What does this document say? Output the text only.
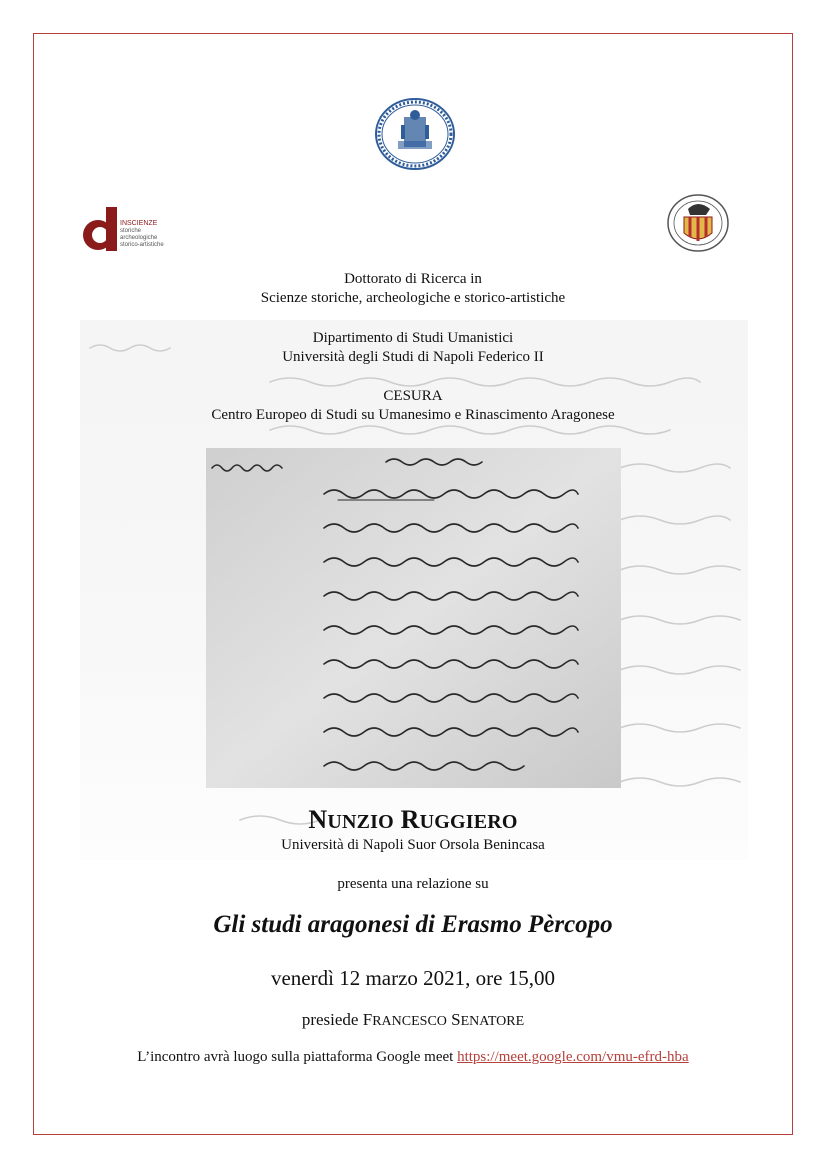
INSCIENZE
storiche
archeologiche
storico-artistiche
Dottorato di Ricerca in
Scienze storiche, archeologiche e storico-artistiche
Dipartimento di Studi Umanistici
Università degli Studi di Napoli Federico II
CESURA
Centro Europeo di Studi su Umanesimo e Rinascimento Aragonese
NUNZIO RUGGIERO
Università di Napoli Suor Orsola Benincasa
presenta una relazione su
Gli studi aragonesi di Erasmo Pèrcopo
venerdì 12 marzo 2021, ore 15,00
presiede FRANCESCO SENATORE
L’incontro avrà luogo sulla piattaforma Google meet https://meet.google.com/vmu-efrd-hba
